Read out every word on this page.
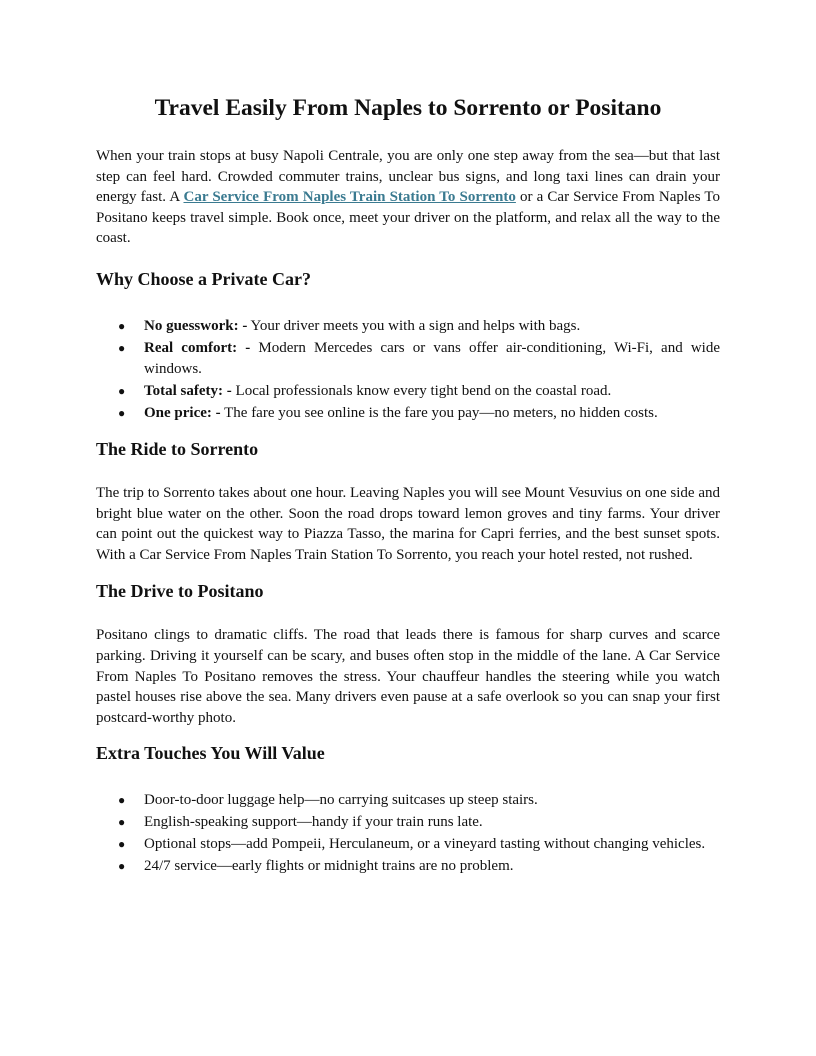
Travel Easily From Naples to Sorrento or Positano

When your train stops at busy Napoli Centrale, you are only one step away from the sea—but that last step can feel hard. Crowded commuter trains, unclear bus signs, and long taxi lines can drain your energy fast. A Car Service From Naples Train Station To Sorrento or a Car Service From Naples To Positano keeps travel simple. Book once, meet your driver on the platform, and relax all the way to the coast.

Why Choose a Private Car?
● No guesswork: - Your driver meets you with a sign and helps with bags.
● Real comfort: - Modern Mercedes cars or vans offer air-conditioning, Wi-Fi, and wide windows.
● Total safety: - Local professionals know every tight bend on the coastal road.
● One price: - The fare you see online is the fare you pay—no meters, no hidden costs.
The Ride to Sorrento

The trip to Sorrento takes about one hour. Leaving Naples you will see Mount Vesuvius on one side and bright blue water on the other. Soon the road drops toward lemon groves and tiny farms. Your driver can point out the quickest way to Piazza Tasso, the marina for Capri ferries, and the best sunset spots. With a Car Service From Naples Train Station To Sorrento, you reach your hotel rested, not rushed.

The Drive to Positano

Positano clings to dramatic cliffs. The road that leads there is famous for sharp curves and scarce parking. Driving it yourself can be scary, and buses often stop in the middle of the lane. A Car Service From Naples To Positano removes the stress. Your chauffeur handles the steering while you watch pastel houses rise above the sea. Many drivers even pause at a safe overlook so you can snap your first postcard-worthy photo.

Extra Touches You Will Value
● Door-to-door luggage help—no carrying suitcases up steep stairs.
● English-speaking support—handy if your train runs late.
● Optional stops—add Pompeii, Herculaneum, or a vineyard tasting without changing vehicles.
● 24/7 service—early flights or midnight trains are no problem.
